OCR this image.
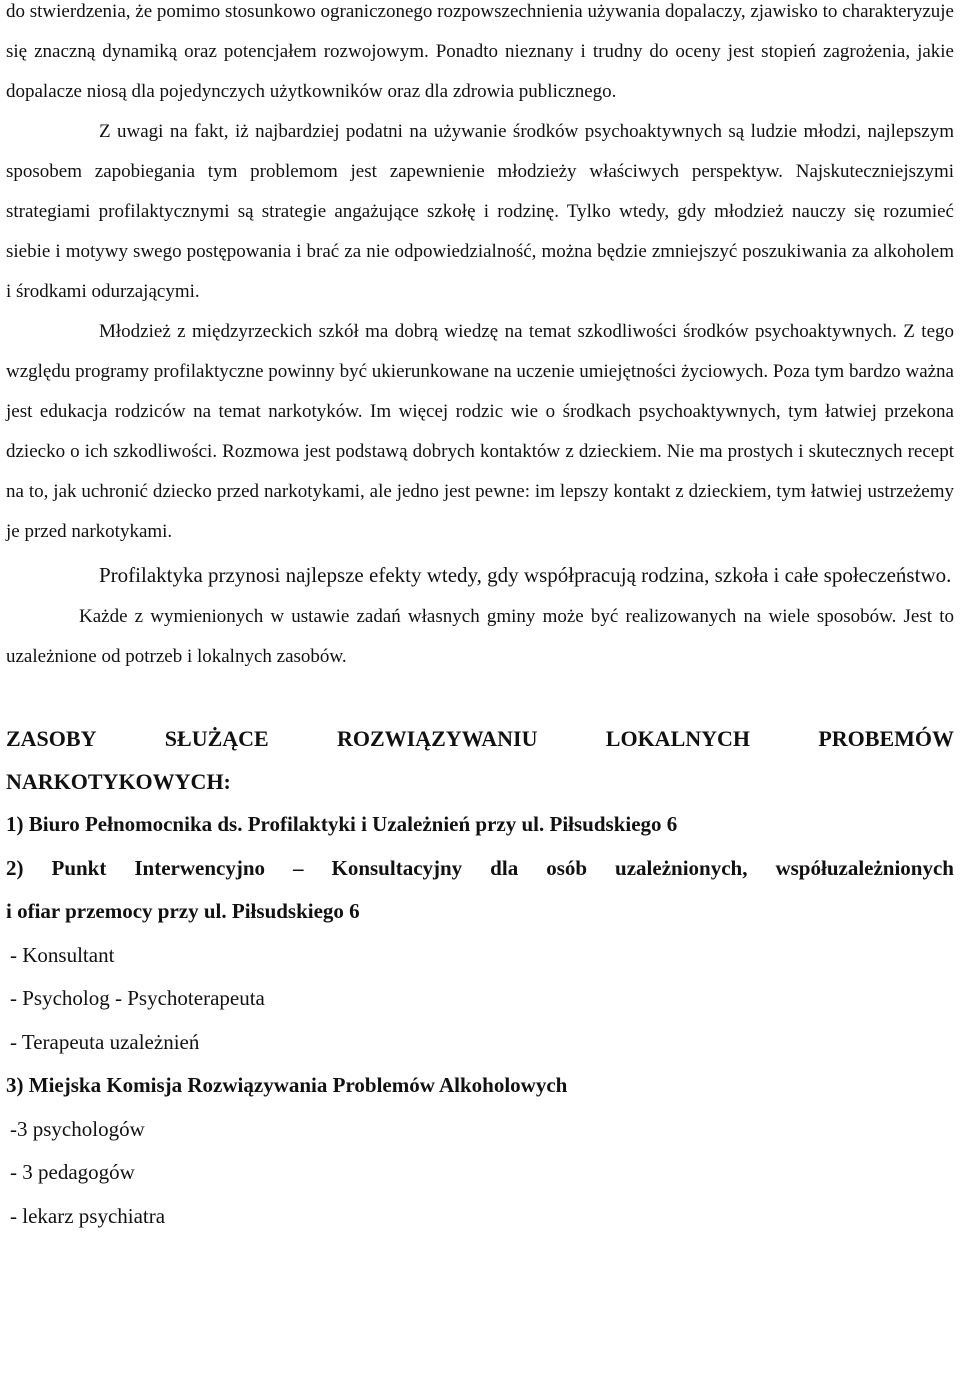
do stwierdzenia, że pomimo stosunkowo ograniczonego rozpowszechnienia używania dopalaczy, zjawisko to charakteryzuje się znaczną dynamiką oraz potencjałem rozwojowym. Ponadto nieznany i trudny do oceny jest stopień zagrożenia, jakie dopalacze niosą dla pojedynczych użytkowników oraz dla zdrowia publicznego.

Z uwagi na fakt, iż najbardziej podatni na używanie środków psychoaktywnych są ludzie młodzi, najlepszym sposobem zapobiegania tym problemom jest zapewnienie młodzieży właściwych perspektyw. Najskuteczniejszymi strategiami profilaktycznymi są strategie angażujące szkołę i rodzinę. Tylko wtedy, gdy młodzież nauczy się rozumieć siebie i motywy swego postępowania i brać za nie odpowiedzialność, można będzie zmniejszyć poszukiwania za alkoholem i środkami odurzającymi.

Młodzież z międzyrzeckich szkół ma dobrą wiedzę na temat szkodliwości środków psychoaktywnych. Z tego względu programy profilaktyczne powinny być ukierunkowane na uczenie umiejętności życiowych. Poza tym bardzo ważna jest edukacja rodziców na temat narkotyków. Im więcej rodzic wie o środkach psychoaktywnych, tym łatwiej przekona dziecko o ich szkodliwości. Rozmowa jest podstawą dobrych kontaktów z dzieckiem. Nie ma prostych i skutecznych recept na to, jak uchronić dziecko przed narkotykami, ale jedno jest pewne: im lepszy kontakt z dzieckiem, tym łatwiej ustrzeżemy je przed narkotykami.

Profilaktyka przynosi najlepsze efekty wtedy, gdy współpracują rodzina, szkoła i całe społeczeństwo.

Każde z wymienionych w ustawie zadań własnych gminy może być realizowanych na wiele sposobów. Jest to uzależnione od potrzeb i lokalnych zasobów.

ZASOBY	SŁUŻĄCE	ROZWIĄZYWANIU	LOKALNYCH	PROBEMÓW
NARKOTYKOWYCH:
1) Biuro Pełnomocnika ds. Profilaktyki i Uzależnień przy ul. Piłsudskiego 6
2) Punkt Interwencyjno – Konsultacyjny dla osób uzależnionych, współuzależnionych
i ofiar przemocy przy ul. Piłsudskiego 6
- Konsultant
- Psycholog - Psychoterapeuta
- Terapeuta uzależnień
3) Miejska Komisja Rozwiązywania Problemów Alkoholowych
-3 psychologów
- 3 pedagogów
- lekarz psychiatra
